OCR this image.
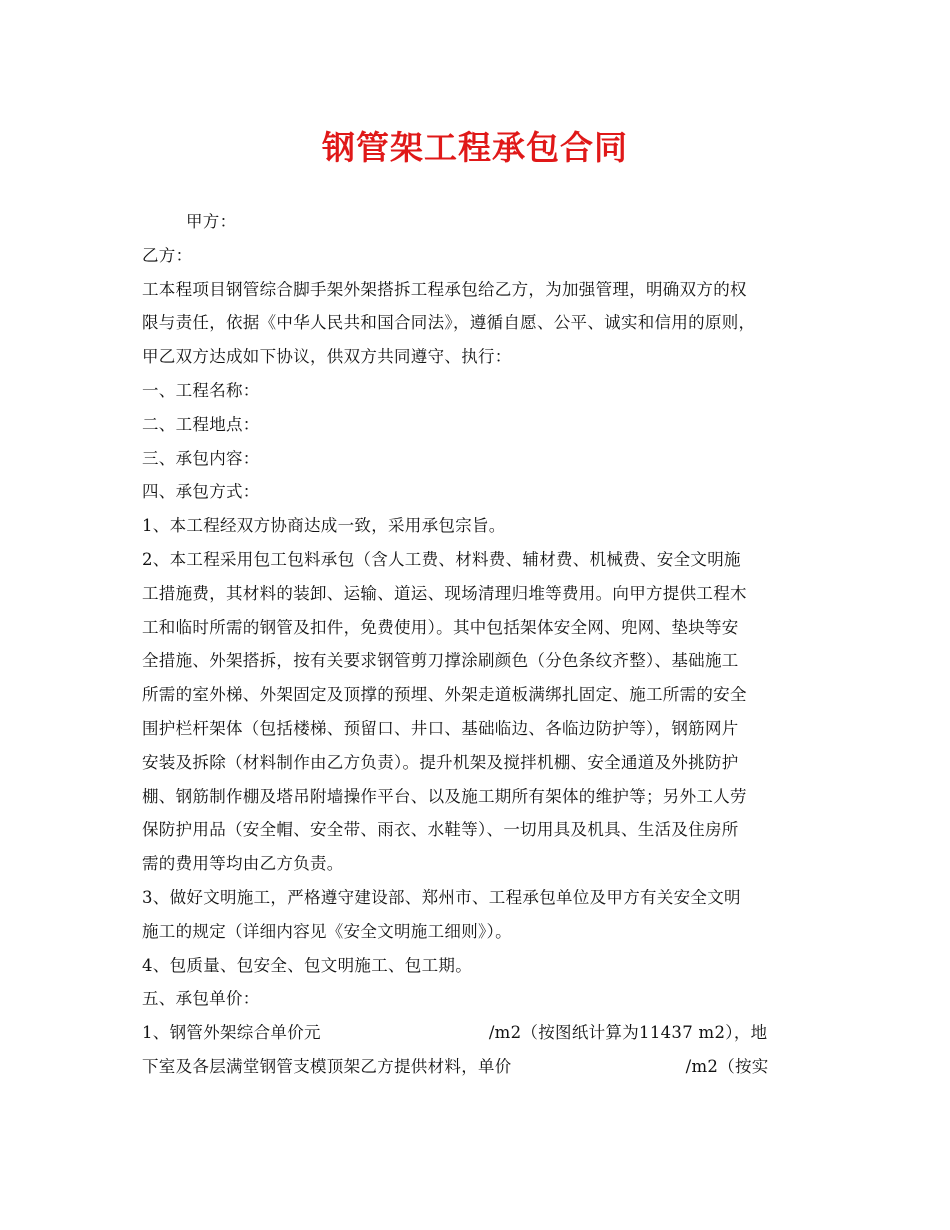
钢管架工程承包合同
甲方：
乙方：
工本程项目钢管综合脚手架外架搭拆工程承包给乙方，为加强管理，明确双方的权
限与责任，依据《中华人民共和国合同法》，遵循自愿、公平、诚实和信用的原则，
甲乙双方达成如下协议，供双方共同遵守、执行：
一、工程名称：
二、工程地点：
三、承包内容：
四、承包方式：
1、本工程经双方协商达成一致，采用承包宗旨。
2、本工程采用包工包料承包（含人工费、材料费、辅材费、机械费、安全文明施
工措施费，其材料的装卸、运输、道运、现场清理归堆等费用。向甲方提供工程木
工和临时所需的钢管及扣件，免费使用）。其中包括架体安全网、兜网、垫块等安
全措施、外架搭拆，按有关要求钢管剪刀撑涂刷颜色（分色条纹齐整）、基础施工
所需的室外梯、外架固定及顶撑的预埋、外架走道板满绑扎固定、施工所需的安全
围护栏杆架体（包括楼梯、预留口、井口、基础临边、各临边防护等），钢筋网片
安装及拆除（材料制作由乙方负责）。提升机架及搅拌机棚、安全通道及外挑防护
棚、钢筋制作棚及塔吊附墙操作平台、以及施工期所有架体的维护等；另外工人劳
保防护用品（安全帽、安全带、雨衣、水鞋等）、一切用具及机具、生活及住房所
需的费用等均由乙方负责。
3、做好文明施工，严格遵守建设部、郑州市、工程承包单位及甲方有关安全文明
施工的规定（详细内容见《安全文明施工细则》）。
4、包质量、包安全、包文明施工、包工期。
五、承包单价：
1、钢管外架综合单价元	/m2（按图纸计算为11437 m2），地
下室及各层满堂钢管支模顶架乙方提供材料，单价	/m2（按实
